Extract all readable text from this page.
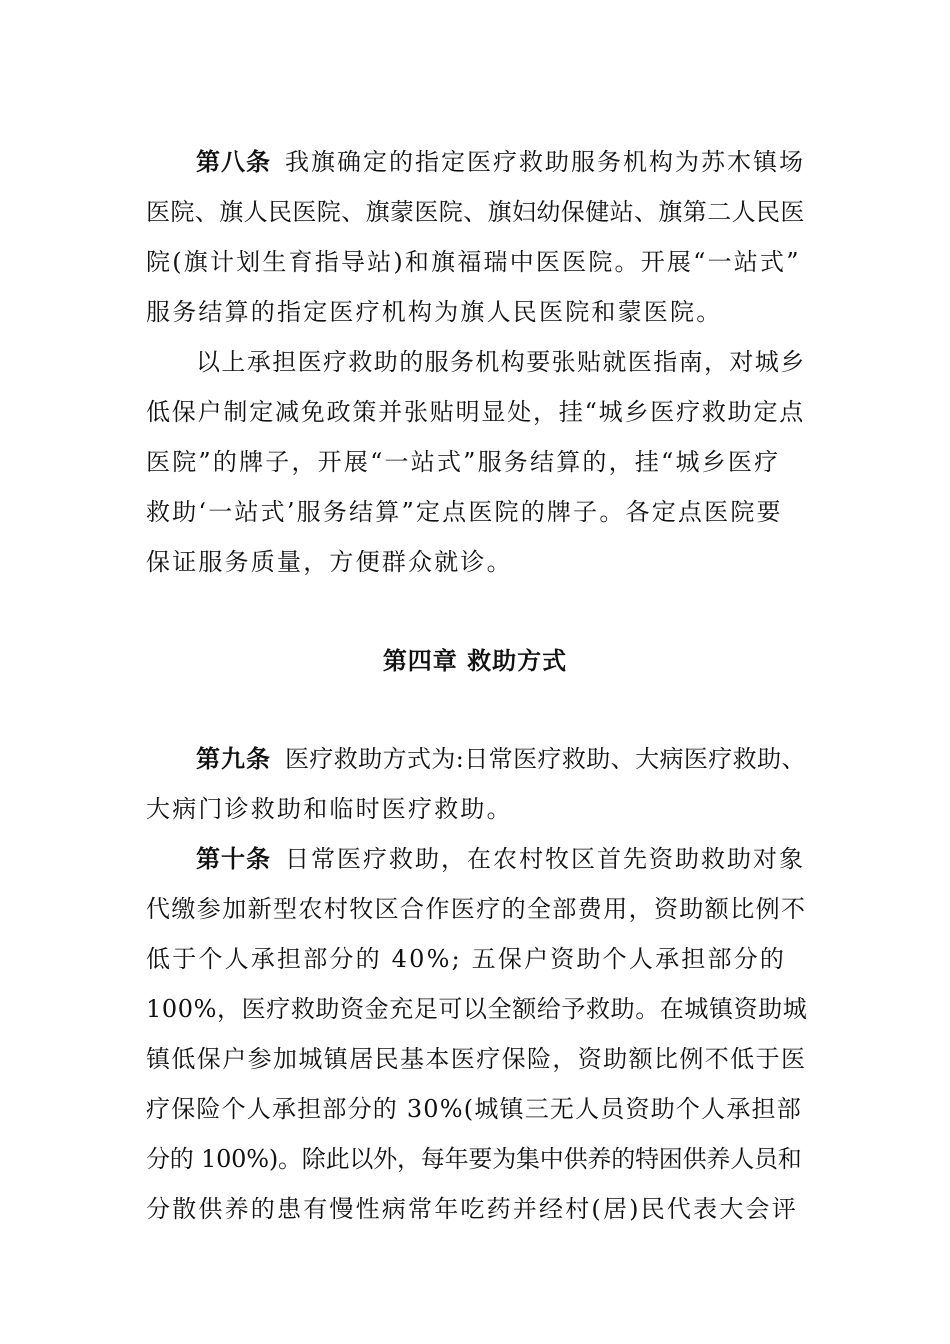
第八条 我旗确定的指定医疗救助服务机构为苏木镇场
医院、旗人民医院、旗蒙医院、旗妇幼保健站、旗第二人民医
院(旗计划生育指导站)和旗福瑞中医医院。开展“一站式”
服务结算的指定医疗机构为旗人民医院和蒙医院。
以上承担医疗救助的服务机构要张贴就医指南，对城乡
低保户制定减免政策并张贴明显处，挂“城乡医疗救助定点
医院”的牌子，开展“一站式”服务结算的，挂“城乡医疗
救助‘一站式’服务结算”定点医院的牌子。各定点医院要
保证服务质量，方便群众就诊。
第四章 救助方式
第九条 医疗救助方式为:日常医疗救助、大病医疗救助、
大病门诊救助和临时医疗救助。
第十条 日常医疗救助，在农村牧区首先资助救助对象
代缴参加新型农村牧区合作医疗的全部费用，资助额比例不
低于个人承担部分的 40%; 五保户资助个人承担部分的
100%，医疗救助资金充足可以全额给予救助。在城镇资助城
镇低保户参加城镇居民基本医疗保险，资助额比例不低于医
疗保险个人承担部分的 30%(城镇三无人员资助个人承担部
分的 100%)。除此以外，每年要为集中供养的特困供养人员和
分散供养的患有慢性病常年吃药并经村(居)民代表大会评
